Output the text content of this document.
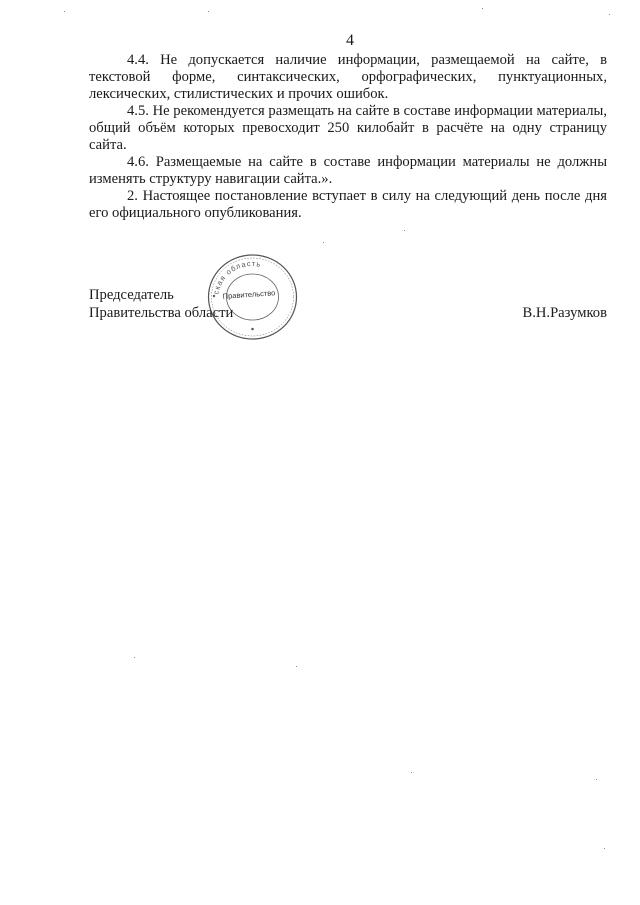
4

4.4. Не допускается наличие информации, размещаемой на сайте, в текстовой форме, синтаксических, орфографических, пунктуационных, лексических, стилистических и прочих ошибок.

4.5. Не рекомендуется размещать на сайте в составе информации материалы, общий объём которых превосходит 250 килобайт в расчёте на одну страницу сайта.

4.6. Размещаемые на сайте в составе информации материалы не должны изменять структуру навигации сайта.».

2. Настоящее постановление вступает в силу на следующий день после дня его официального опубликования.

Председатель
Правительства области	В.Н.Разумков
ская область
Правительство
